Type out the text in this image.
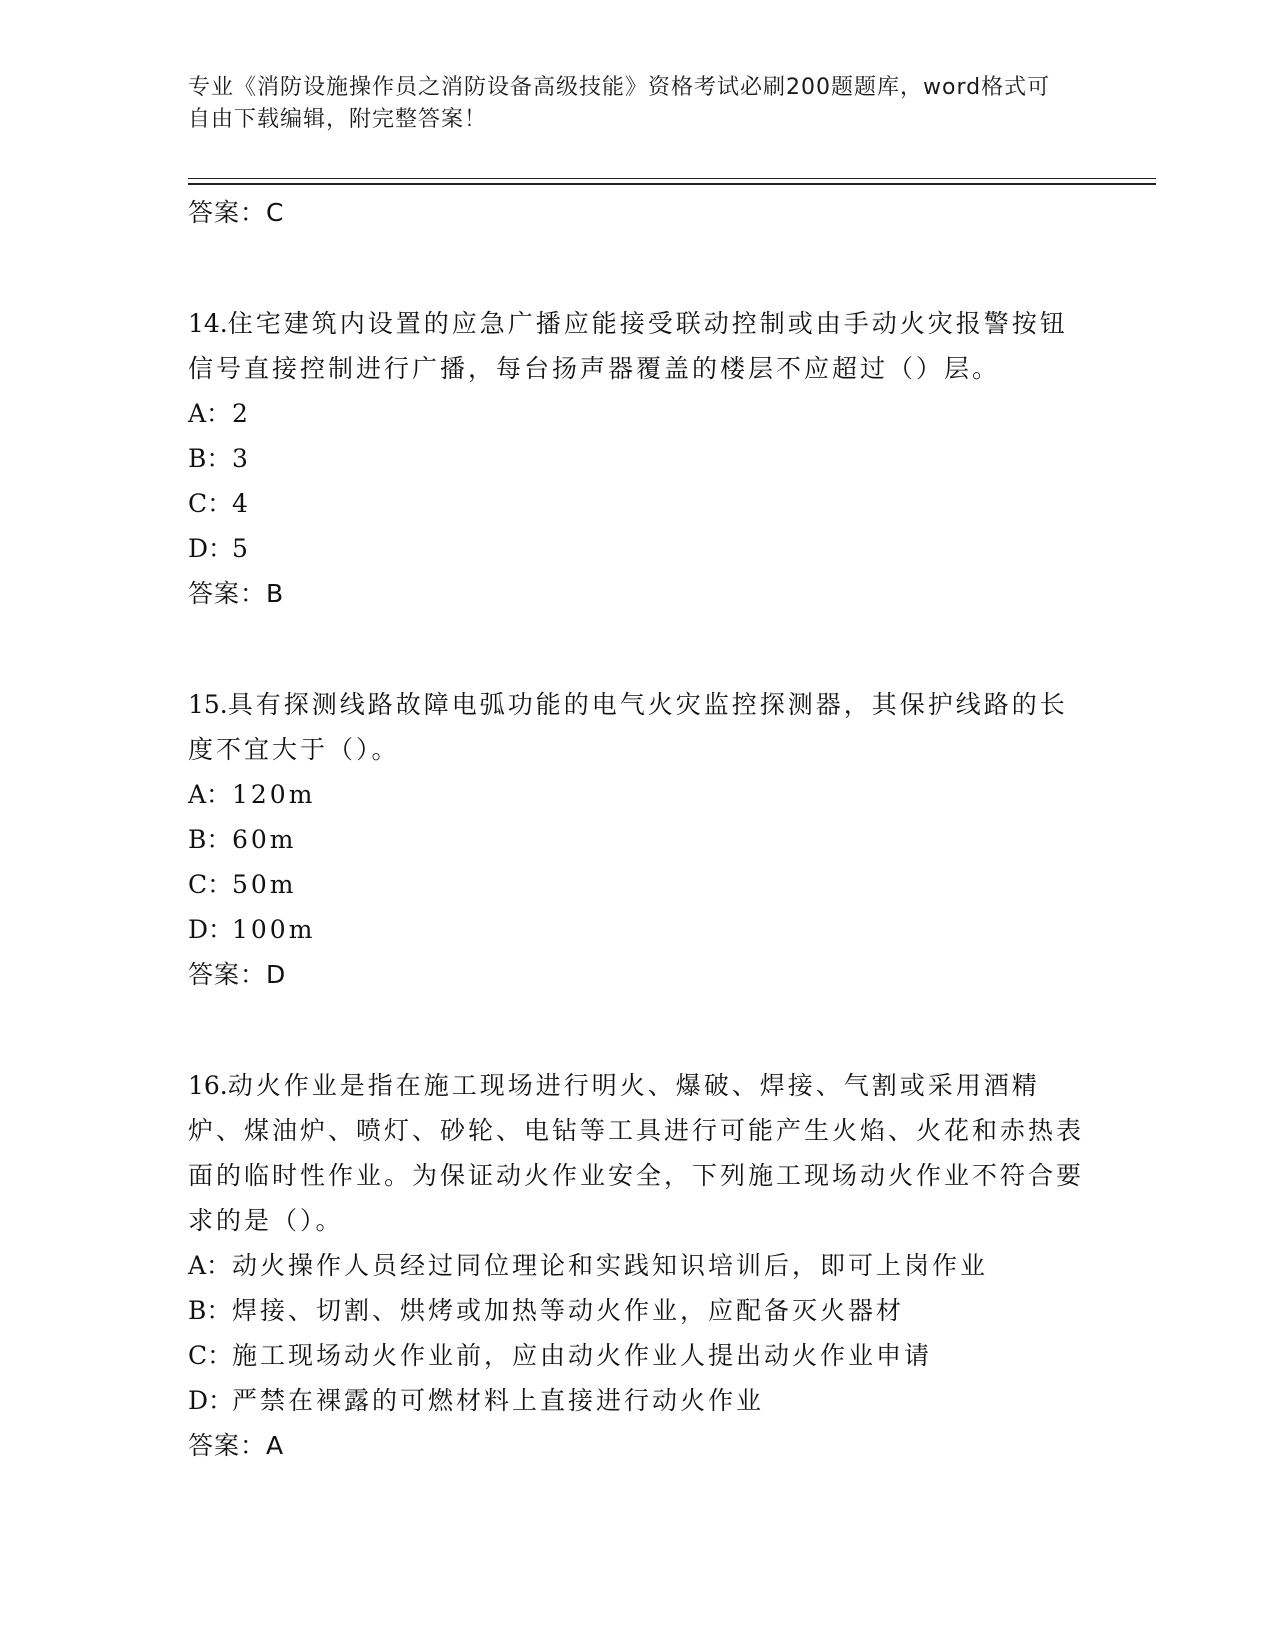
专业《消防设施操作员之消防设备高级技能》资格考试必刷200题题库，word格式可自由下载编辑，附完整答案！
答案：C

14.住宅建筑内设置的应急广播应能接受联动控制或由手动火灾报警按钮信号直接控制进行广播，每台扬声器覆盖的楼层不应超过（）层。

A：2
B：3
C：4
D：5
答案：B

15.具有探测线路故障电弧功能的电气火灾监控探测器，其保护线路的长度不宜大于（）。

A：120m
B：60m
C：50m
D：100m
答案：D

16.动火作业是指在施工现场进行明火、爆破、焊接、气割或采用酒精炉、煤油炉、喷灯、砂轮、电钻等工具进行可能产生火焰、火花和赤热表面的临时性作业。为保证动火作业安全，下列施工现场动火作业不符合要求的是（）。

A：动火操作人员经过同位理论和实践知识培训后，即可上岗作业
B：焊接、切割、烘烤或加热等动火作业，应配备灭火器材
C：施工现场动火作业前，应由动火作业人提出动火作业申请
D：严禁在裸露的可燃材料上直接进行动火作业
答案：A
